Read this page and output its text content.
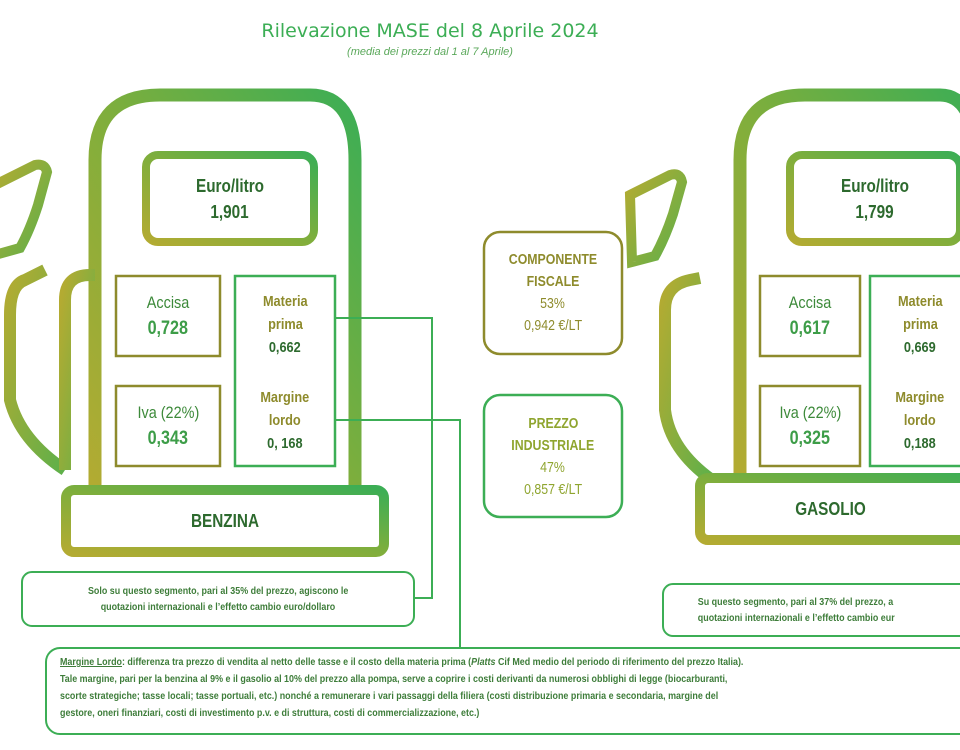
Rilevazione MASE del 8 Aprile 2024
(media dei prezzi dal 1 al 7 Aprile)
Euro/litro
1,901
Accisa
0,728
Iva (22%)
0,343
Materia
prima
0,662
Margine
lordo
0, 168
BENZINA
Solo su questo segmento, pari al 35% del prezzo, agiscono le
quotazioni internazionali e l’effetto cambio euro/dollaro
COMPONENTE
FISCALE
53%
0,942 €/LT
PREZZO
INDUSTRIALE
47%
0,857 €/LT
Euro/litro
1,799
Accisa
0,617
Iva (22%)
0,325
Materia
prima
0,669
Margine
lordo
0,188
GASOLIO
Su questo segmento, pari al 37% del prezzo, a
quotazioni internazionali e l’effetto cambio eur
Margine Lordo: differenza tra prezzo di vendita al netto delle tasse e il costo della materia prima (Platts Cif Med medio del periodo di riferimento del prezzo Italia).
Tale margine, pari per la benzina al 9% e il gasolio al 10% del prezzo alla pompa, serve a coprire i costi derivanti da numerosi obblighi di legge (biocarburanti,
scorte strategiche; tasse locali; tasse portuali, etc.) nonché a remunerare i vari passaggi della filiera (costi distribuzione primaria e secondaria, margine del
gestore, oneri finanziari, costi di investimento p.v. e di struttura, costi di commercializzazione, etc.)
